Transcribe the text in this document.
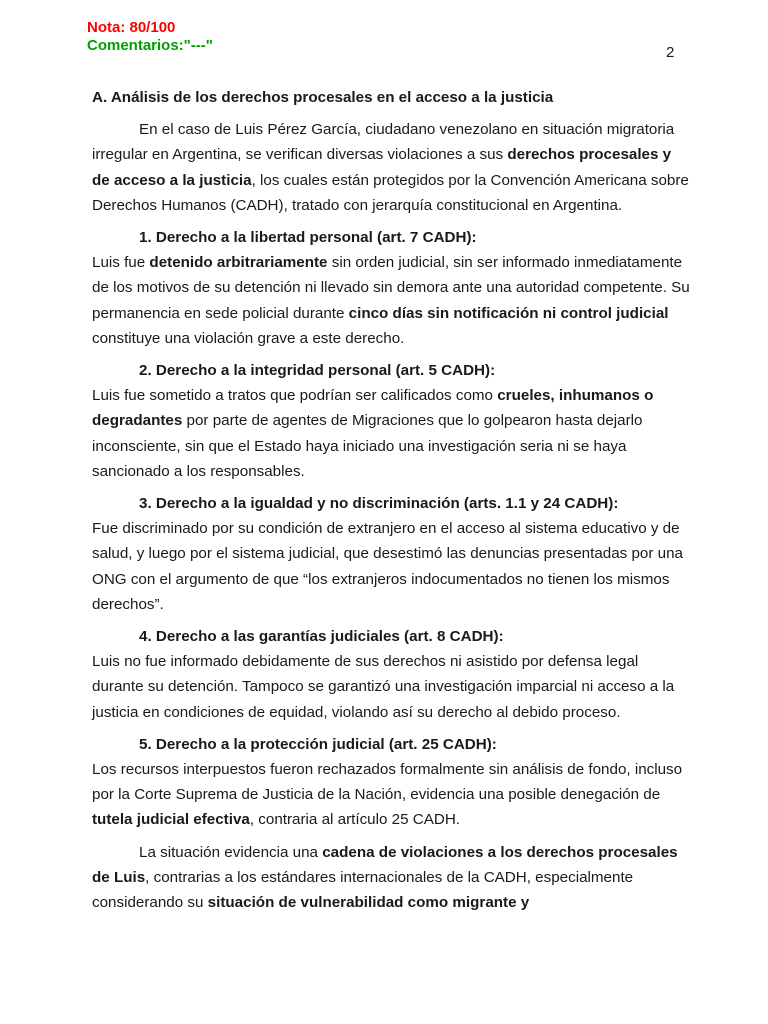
Nota: 80/100
Comentarios:"---"	2

A. Análisis de los derechos procesales en el acceso a la justicia

En el caso de Luis Pérez García, ciudadano venezolano en situación migratoria irregular en Argentina, se verifican diversas violaciones a sus derechos procesales y de acceso a la justicia, los cuales están protegidos por la Convención Americana sobre Derechos Humanos (CADH), tratado con jerarquía constitucional en Argentina.

1. Derecho a la libertad personal (art. 7 CADH):

Luis fue detenido arbitrariamente sin orden judicial, sin ser informado inmediatamente de los motivos de su detención ni llevado sin demora ante una autoridad competente. Su permanencia en sede policial durante cinco días sin notificación ni control judicial constituye una violación grave a este derecho.

2. Derecho a la integridad personal (art. 5 CADH):

Luis fue sometido a tratos que podrían ser calificados como crueles, inhumanos o degradantes por parte de agentes de Migraciones que lo golpearon hasta dejarlo inconsciente, sin que el Estado haya iniciado una investigación seria ni se haya sancionado a los responsables.

3. Derecho a la igualdad y no discriminación (arts. 1.1 y 24 CADH):

Fue discriminado por su condición de extranjero en el acceso al sistema educativo y de salud, y luego por el sistema judicial, que desestimó las denuncias presentadas por una ONG con el argumento de que “los extranjeros indocumentados no tienen los mismos derechos”.

4. Derecho a las garantías judiciales (art. 8 CADH):

Luis no fue informado debidamente de sus derechos ni asistido por defensa legal durante su detención. Tampoco se garantizó una investigación imparcial ni acceso a la justicia en condiciones de equidad, violando así su derecho al debido proceso.

5. Derecho a la protección judicial (art. 25 CADH):

Los recursos interpuestos fueron rechazados formalmente sin análisis de fondo, incluso por la Corte Suprema de Justicia de la Nación, evidencia una posible denegación de tutela judicial efectiva, contraria al artículo 25 CADH.

La situación evidencia una cadena de violaciones a los derechos procesales de Luis, contrarias a los estándares internacionales de la CADH, especialmente considerando su situación de vulnerabilidad como migrante y
